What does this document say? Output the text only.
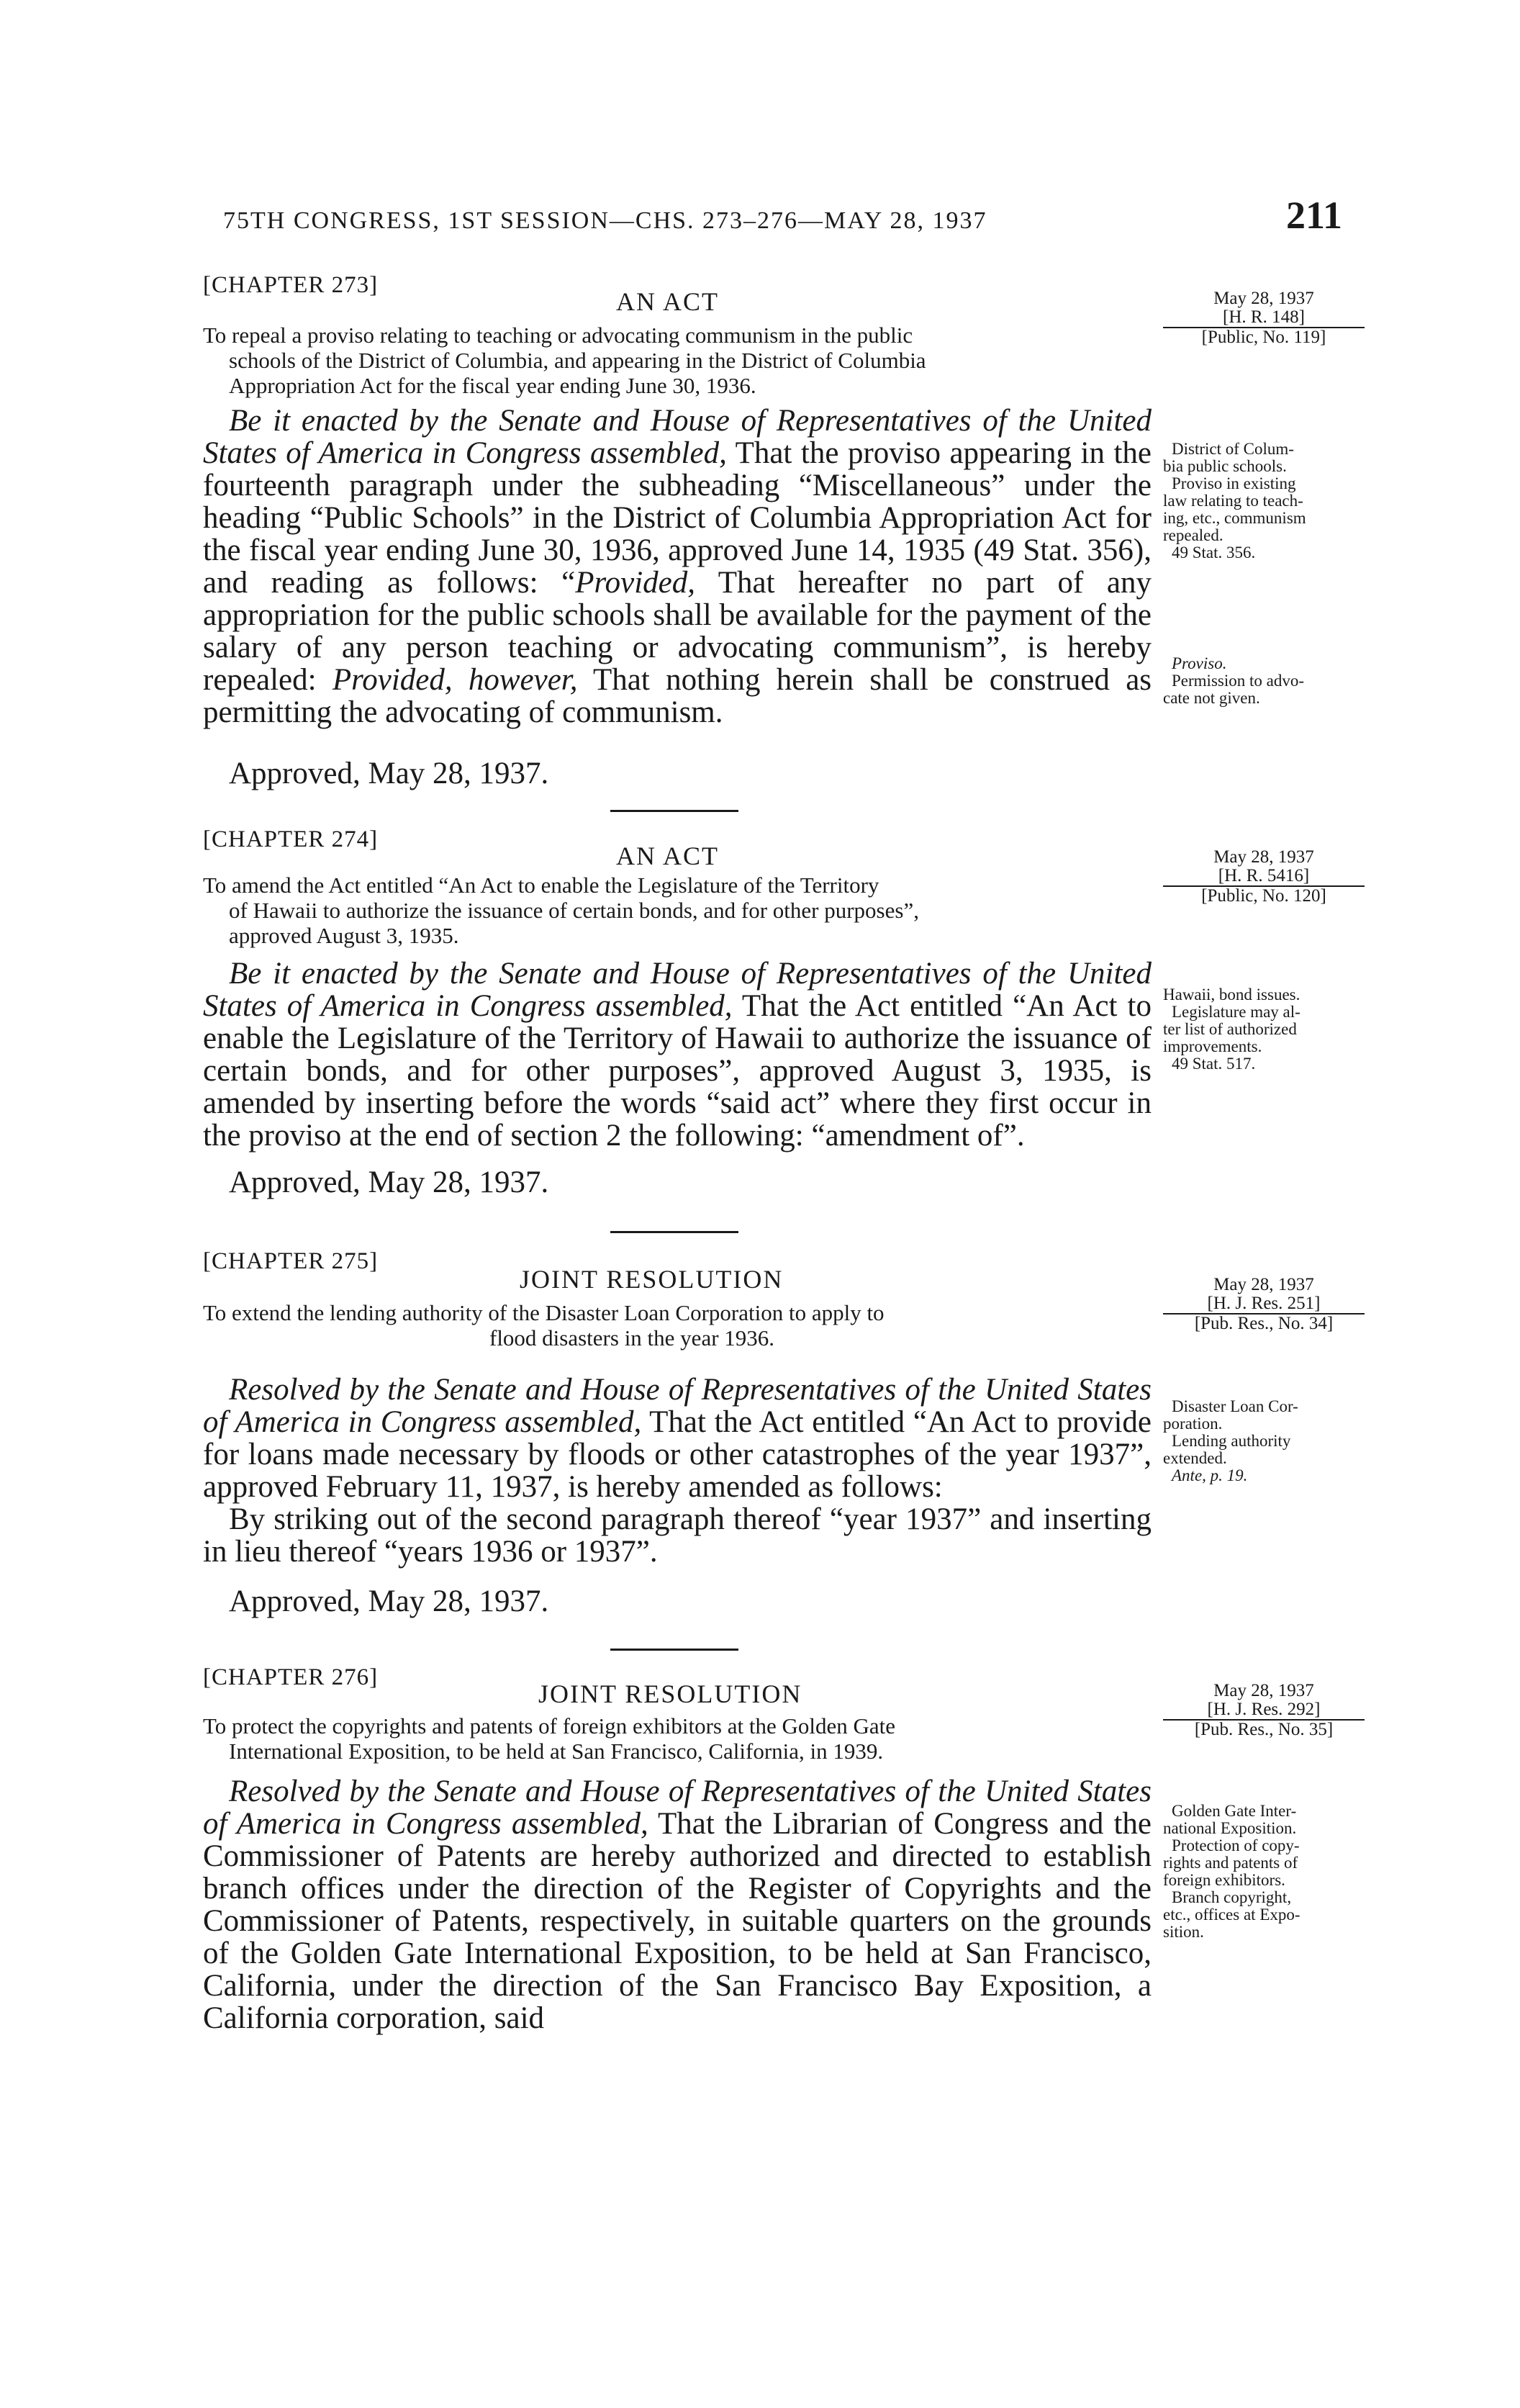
75TH CONGRESS, 1ST SESSION—CHS. 273–276—MAY 28, 1937	211
[CHAPTER 273]
AN ACT
To repeal a proviso relating to teaching or advocating communism in the public
schools of the District of Columbia, and appearing in the District of Columbia
Appropriation Act for the fiscal year ending June 30, 1936.

Be it enacted by the Senate and House of Representatives of the United States of America in Congress assembled, That the proviso appearing in the fourteenth paragraph under the subheading “Miscellaneous” under the heading “Public Schools” in the District of Columbia Appropriation Act for the fiscal year ending June 30, 1936, approved June 14, 1935 (49 Stat. 356), and reading as follows: “Provided, That hereafter no part of any appropriation for the public schools shall be available for the payment of the salary of any person teaching or advocating communism”, is hereby repealed: Provided, however, That nothing herein shall be construed as permitting the advocating of communism.

Approved, May 28, 1937.
May 28, 1937
[H. R. 148]
[Public, No. 119]
District of Colum-
bia public schools.
Proviso in existing
law relating to teach-
ing, etc., communism
repealed.
49 Stat. 356.
Proviso.
Permission to advo-
cate not given.
[CHAPTER 274]
AN ACT
To amend the Act entitled “An Act to enable the Legislature of the Territory
of Hawaii to authorize the issuance of certain bonds, and for other purposes”,
approved August 3, 1935.

Be it enacted by the Senate and House of Representatives of the United States of America in Congress assembled, That the Act entitled “An Act to enable the Legislature of the Territory of Hawaii to authorize the issuance of certain bonds, and for other purposes”, approved August 3, 1935, is amended by inserting before the words “said act” where they first occur in the proviso at the end of section 2 the following: “amendment of”.

Approved, May 28, 1937.
May 28, 1937
[H. R. 5416]
[Public, No. 120]
Hawaii, bond issues.
Legislature may al-
ter list of authorized
improvements.
49 Stat. 517.
[CHAPTER 275]
JOINT RESOLUTION
To extend the lending authority of the Disaster Loan Corporation to apply to
flood disasters in the year 1936.

Resolved by the Senate and House of Representatives of the United States of America in Congress assembled, That the Act entitled “An Act to provide for loans made necessary by floods or other catastrophes of the year 1937”, approved February 11, 1937, is hereby amended as follows:

By striking out of the second paragraph thereof “year 1937” and inserting in lieu thereof “years 1936 or 1937”.

Approved, May 28, 1937.
May 28, 1937
[H. J. Res. 251]
[Pub. Res., No. 34]
Disaster Loan Cor-
poration.
Lending authority
extended.
Ante, p. 19.
[CHAPTER 276]
JOINT RESOLUTION
To protect the copyrights and patents of foreign exhibitors at the Golden Gate
International Exposition, to be held at San Francisco, California, in 1939.

Resolved by the Senate and House of Representatives of the United States of America in Congress assembled, That the Librarian of Congress and the Commissioner of Patents are hereby authorized and directed to establish branch offices under the direction of the Register of Copyrights and the Commissioner of Patents, respectively, in suitable quarters on the grounds of the Golden Gate International Exposition, to be held at San Francisco, California, under the direction of the San Francisco Bay Exposition, a California corporation, said

May 28, 1937
[H. J. Res. 292]
[Pub. Res., No. 35]
Golden Gate Inter-
national Exposition.
Protection of copy-
rights and patents of
foreign exhibitors.
Branch copyright,
etc., offices at Expo-
sition.
